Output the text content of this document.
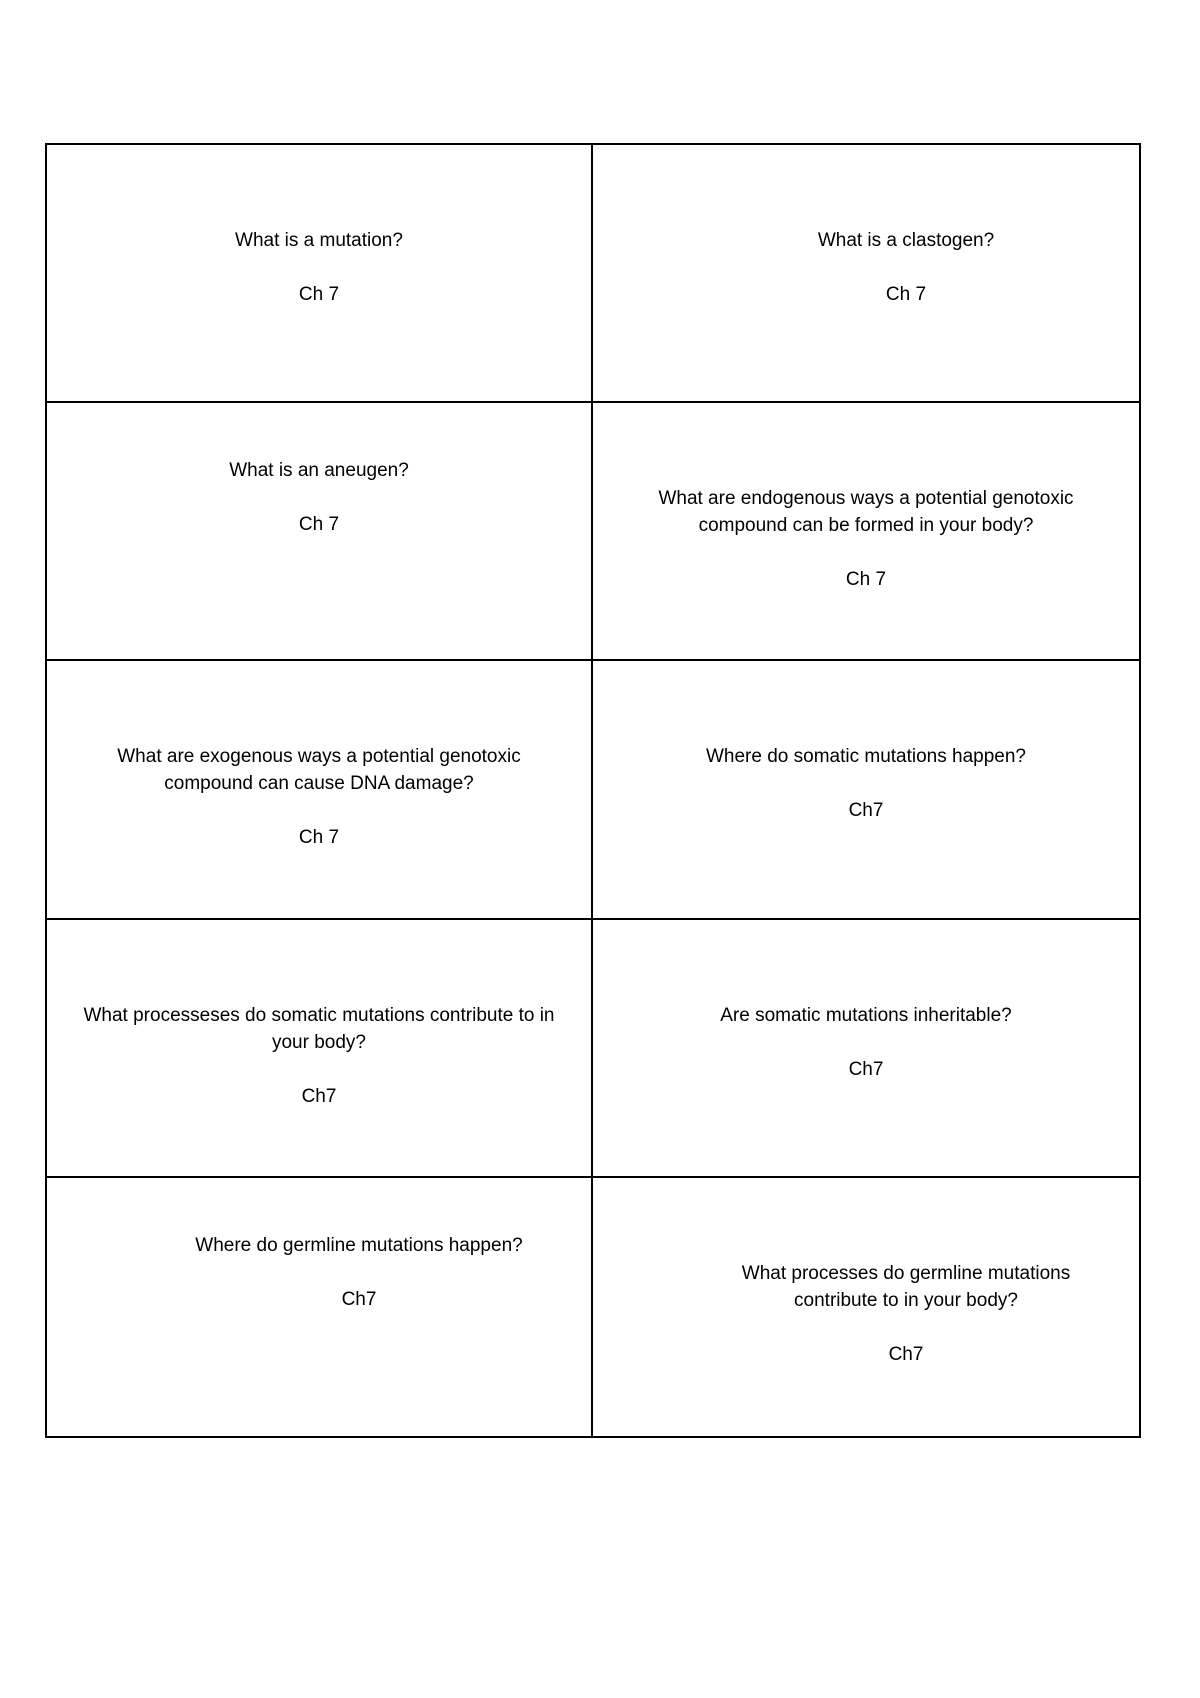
What is a mutation?

Ch 7

What is a clastogen?

Ch 7

What is an aneugen?

Ch 7

What are endogenous ways a potential genotoxic
compound can be formed in your body?

Ch 7

What are exogenous ways a potential genotoxic
compound can cause DNA damage?

Ch 7

Where do somatic mutations happen?

Ch7

What processeses do somatic mutations contribute to in
your body?

Ch7

Are somatic mutations inheritable?

Ch7

Where do germline mutations happen?

Ch7

What processes do germline mutations
contribute to in your body?

Ch7
